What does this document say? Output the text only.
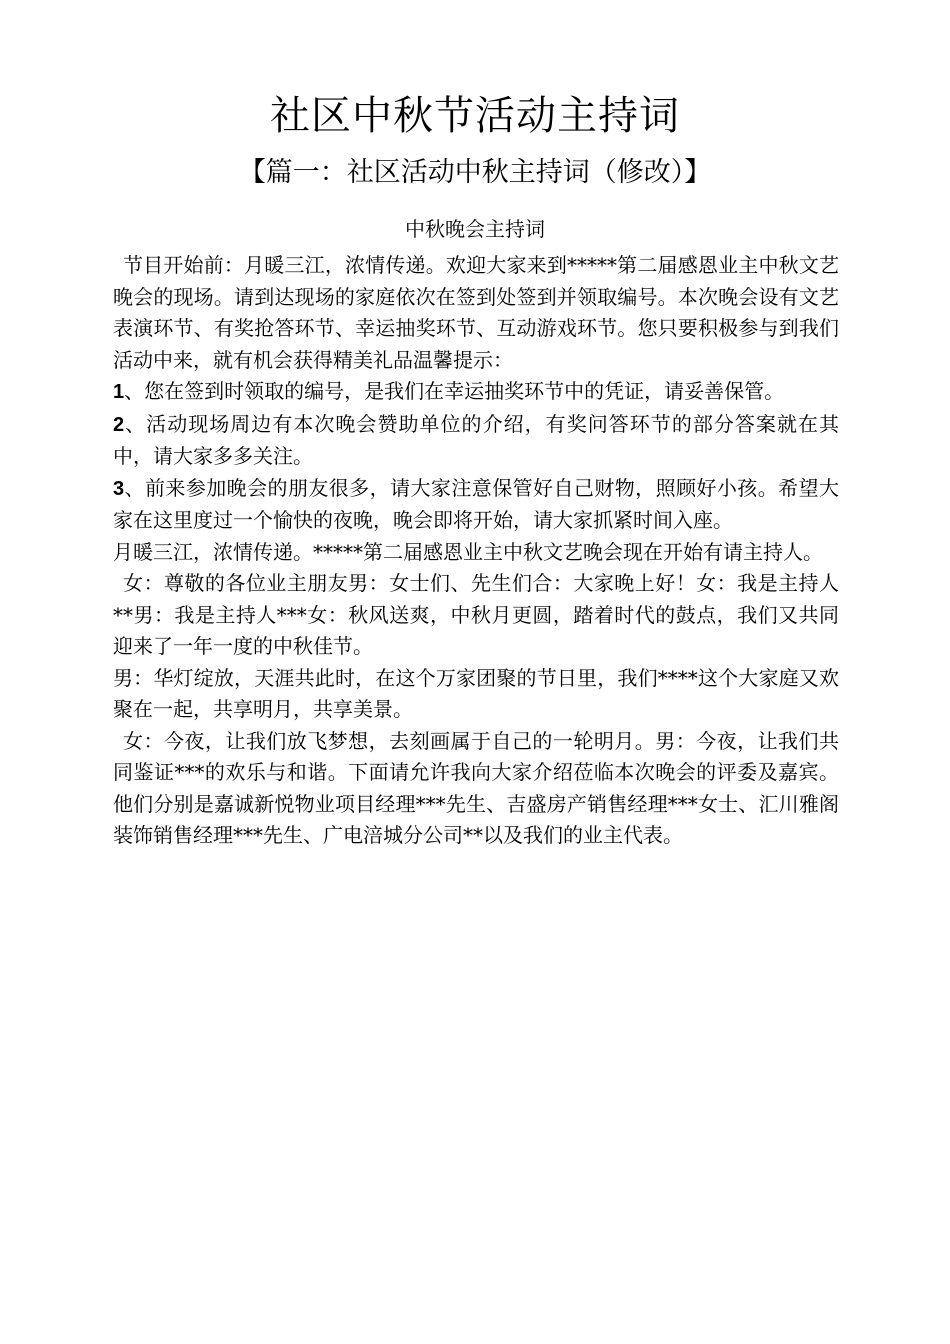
社区中秋节活动主持词
【篇一：社区活动中秋主持词（修改）】
中秋晚会主持词

节目开始前：月暖三江，浓情传递。欢迎大家来到*****第二届感恩业主中秋文艺晚会的现场。请到达现场的家庭依次在签到处签到并领取编号。本次晚会设有文艺表演环节、有奖抢答环节、幸运抽奖环节、互动游戏环节。您只要积极参与到我们活动中来，就有机会获得精美礼品温馨提示：

1、您在签到时领取的编号，是我们在幸运抽奖环节中的凭证，请妥善保管。

2、活动现场周边有本次晚会赞助单位的介绍，有奖问答环节的部分答案就在其中，请大家多多关注。

3、前来参加晚会的朋友很多，请大家注意保管好自己财物，照顾好小孩。希望大家在这里度过一个愉快的夜晚，晚会即将开始，请大家抓紧时间入座。

月暖三江，浓情传递。*****第二届感恩业主中秋文艺晚会现在开始有请主持人。

女：尊敬的各位业主朋友男：女士们、先生们合：大家晚上好！女：我是主持人**男：我是主持人***女：秋风送爽，中秋月更圆，踏着时代的鼓点，我们又共同迎来了一年一度的中秋佳节。

男：华灯绽放，天涯共此时，在这个万家团聚的节日里，我们****这个大家庭又欢聚在一起，共享明月，共享美景。

女：今夜，让我们放飞梦想，去刻画属于自己的一轮明月。男：今夜，让我们共同鉴证***的欢乐与和谐。下面请允许我向大家介绍莅临本次晚会的评委及嘉宾。他们分别是嘉诚新悦物业项目经理***先生、吉盛房产销售经理***女士、汇川雅阁装饰销售经理***先生、广电涪城分公司**以及我们的业主代表。
